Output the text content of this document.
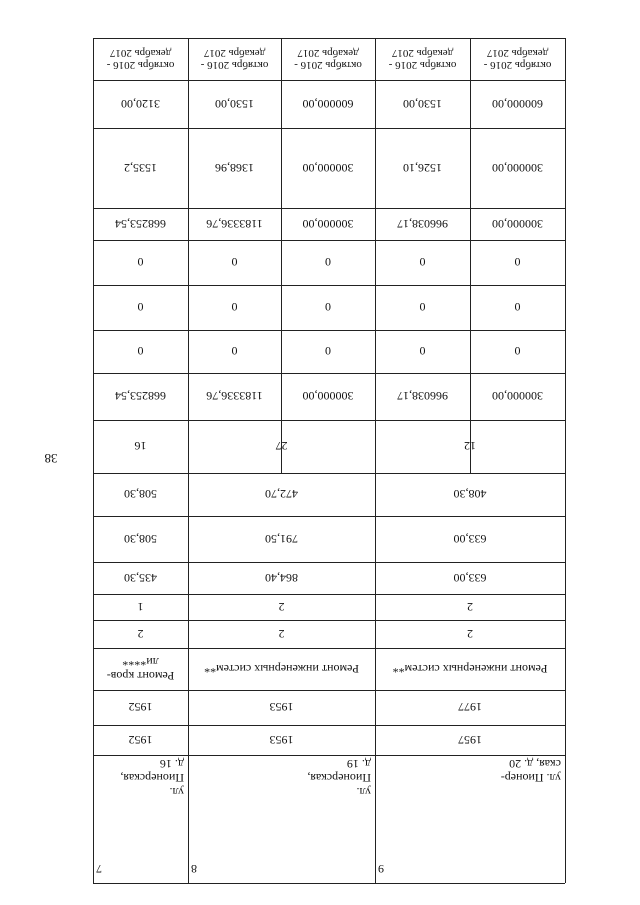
38
7
ул.
Пионерская,
д. 16
1952
1952
Ремонт кров-
ли****
2
1
435,30
508,30
508,30
16
668253,54
0
0
0
668253,54
1535,2
3120,00
октябрь 2016 -
декабрь 2017
8
ул.
Пионерская,
д. 19
1953
1953
Ремонт инженерных систем**
2
2
864,40
791,50
472,70
27
1183336,76
0
0
0
1183336,76
1368,96
1530,00
октябрь 2016 -
декабрь 2017
300000,00
0
0
0
300000,00
300000,00
600000,00
октябрь 2016 -
декабрь 2017
9
ул. Пионер-
ская, д. 20
1957
1977
Ремонт инженерных систем**
2
2
633,00
633,00
408,30
12
966038,17
0
0
0
966038,17
1526,10
1530,00
октябрь 2016 -
декабрь 2017
300000,00
0
0
0
300000,00
300000,00
600000,00
октябрь 2016 -
декабрь 2017
